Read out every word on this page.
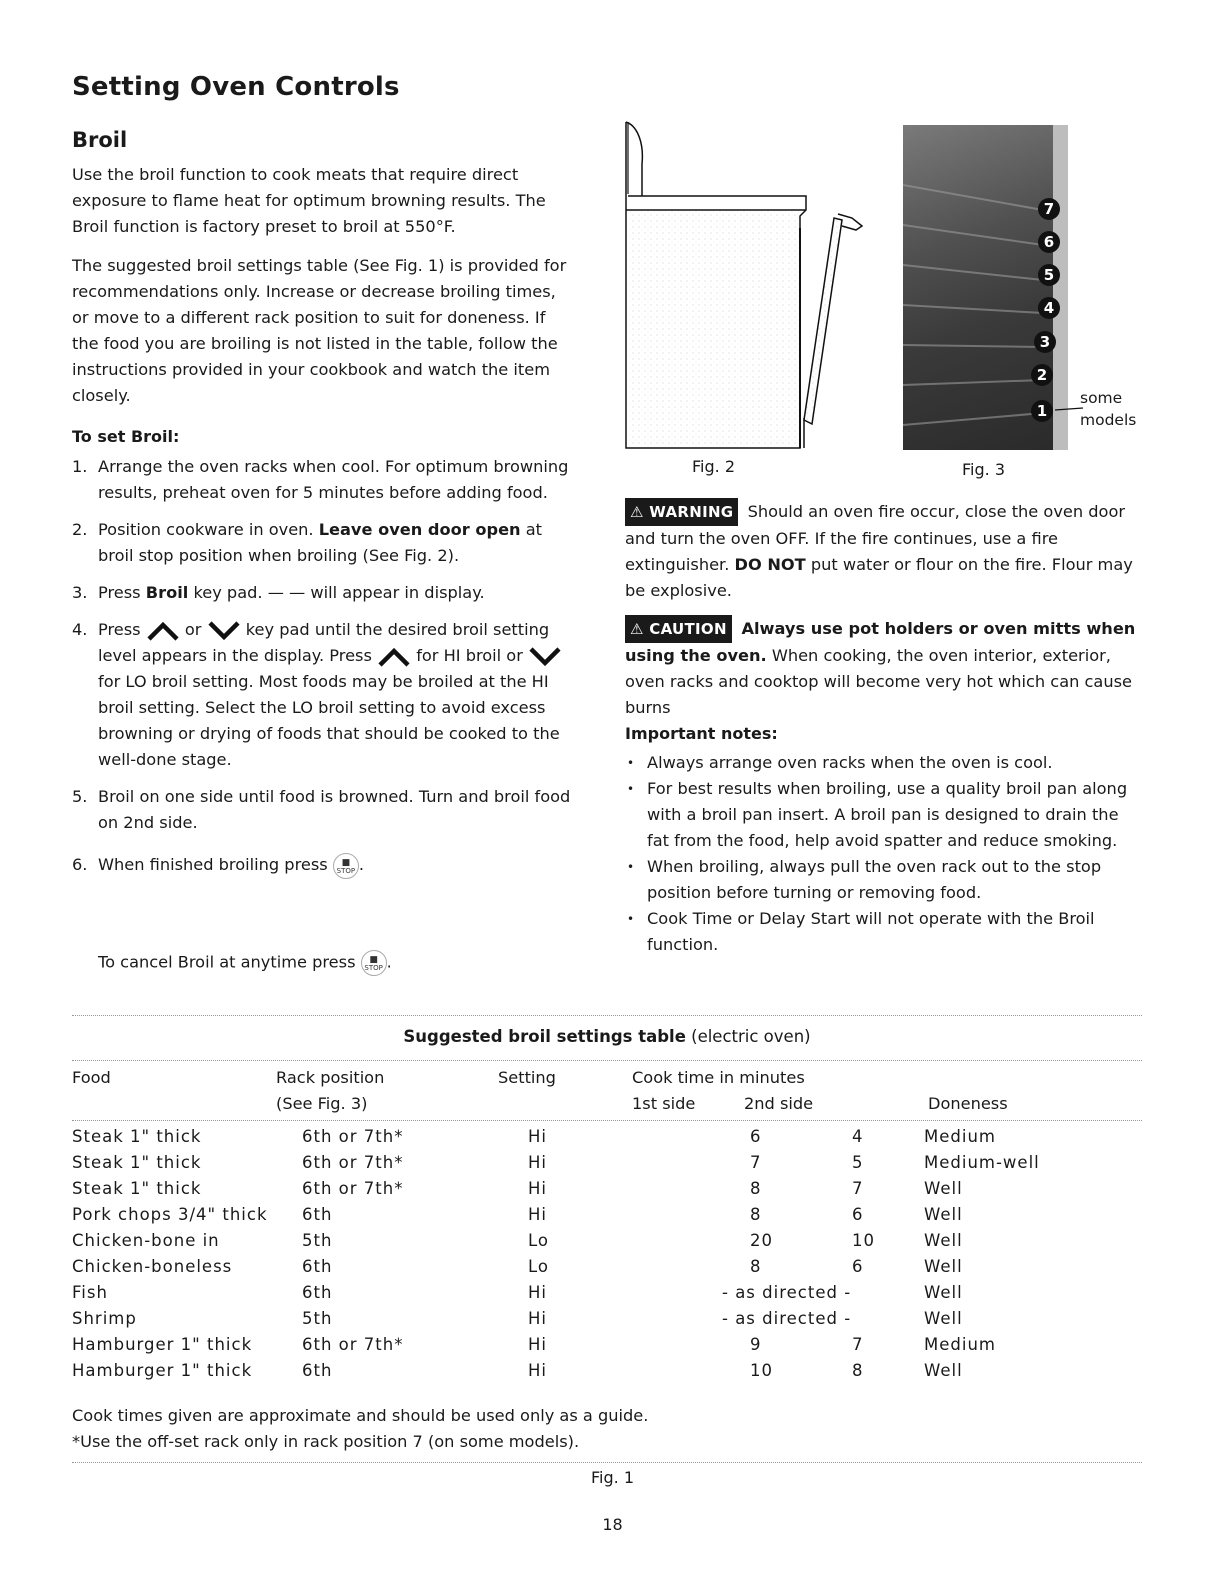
Setting Oven Controls
Broil

Use the broil function to cook meats that require direct exposure to flame heat for optimum browning results. The Broil function is factory preset to broil at 550°F.

The suggested broil settings table (See Fig. 1) is provided for recommendations only. Increase or decrease broiling times, or move to a different rack position to suit for doneness. If the food you are broiling is not listed in the table, follow the instructions provided in your cookbook and watch the item closely.

To set Broil:
1. Arrange the oven racks when cool. For optimum browning results, preheat oven for 5 minutes before adding food.
2. Position cookware in oven. Leave oven door open at broil stop position when broiling (See Fig. 2).
3. Press Broil key pad. — — will appear in display.
4. Press  or  key pad until the desired broil setting level appears in the display. Press  for HI broil or  for LO broil setting. Most foods may be broiled at the HI broil setting. Select the LO broil setting to avoid excess browning or drying of foods that should be cooked to the well-done stage.
5. Broil on one side until food is browned. Turn and broil food on 2nd side.
6. When finished broiling press ■
STOP .
To cancel Broil at anytime press ■
STOP .
Fig. 2
7
6
5
4
3
2
1
some
models
Fig. 3

⚠ WARNING Should an oven fire occur, close the oven door and turn the oven OFF. If the fire continues, use a fire extinguisher. DO NOT put water or flour on the fire. Flour may be explosive.

⚠ CAUTION Always use pot holders or oven mitts when using the oven. When cooking, the oven interior, exterior, oven racks and cooktop will become very hot which can cause burns

Important notes:
• Always arrange oven racks when the oven is cool.
• For best results when broiling, use a quality broil pan along with a broil pan insert. A broil pan is designed to drain the fat from the food, help avoid spatter and reduce smoking.
• When broiling, always pull the oven rack out to the stop position before turning or removing food.
• Cook Time or Delay Start will not operate with the Broil function.
Suggested broil settings table (electric oven)
Food	Rack position
(See Fig. 3)
Setting	Cook time in minutes
1st side	2nd side	Doneness
Steak 1" thick	6th or 7th*	Hi	6	4	Medium
Steak 1" thick	6th or 7th*	Hi	7	5	Medium-well
Steak 1" thick	6th or 7th*	Hi	8	7	Well
Pork chops 3/4" thick	6th	Hi	8	6	Well
Chicken-bone in	5th	Lo	20	10	Well
Chicken-boneless	6th	Lo	8	6	Well
Fish	6th	Hi	- as directed -		Well
Shrimp	5th	Hi	- as directed -		Well
Hamburger 1" thick	6th or 7th*	Hi	9	7	Medium
Hamburger 1" thick	6th	Hi	10	8	Well
Cook times given are approximate and should be used only as a guide.
*Use the off-set rack only in rack position 7 (on some models).
Fig. 1
18
